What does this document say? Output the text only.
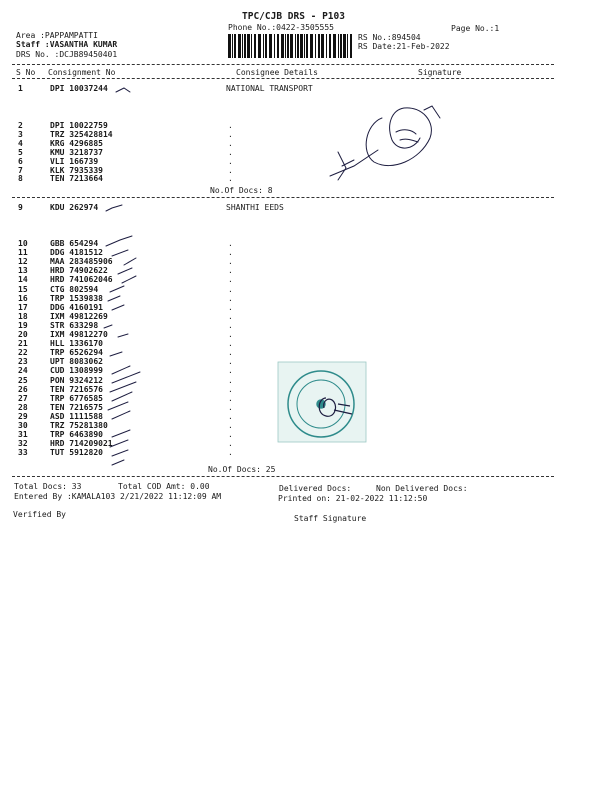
TPC/CJB DRS - P103
Phone No.:0422-3505555	Page No.:1
Area :PAPPAMPATTI
Staff :VASANTHA KUMAR
DRS No. :DCJB89450401
RS No.:894504
RS Date:21-Feb-2022
S No Consignment No	Consignee Details	Signature
1	DPI 10037244	NATIONAL TRANSPORT
2	DPI 10022759	.
3	TRZ 325428814	.
4	KRG 4296885	.
5	KMU 3218737	.
6	VLI 166739	.
7	KLK 7935339	.
8	TEN 7213664	.
No.Of Docs: 8
9	KDU 262974	SHANTHI EEDS
10	GBB 654294	.
11	DDG 4181512	.
12	MAA 283485906	.
13	HRD 74902622	.
14	HRD 741062046	.
15	CTG 802594	.
16	TRP 1539838	.
17	DDG 4160191	.
18	IXM 49812269	.
19	STR 633298	.
20	IXM 49812270	.
21	HLL 1336170	.
22	TRP 6526294	.
23	UPT 8083062	.
24	CUD 1308999	.
25	PON 9324212	.
26	TEN 7216576	.
27	TRP 6776585	.
28	TEN 7216575	.
29	ASD 1111588	.
30	TRZ 75281380	.
31	TRP 6463890	.
32	HRD 714209021	.
33	TUT 5912820	.
No.Of Docs: 25
Total Docs: 33	Total COD Amt: 0.00	Delivered Docs:	Non Delivered Docs:
Entered By :KAMALA103 2/21/2022 11:12:09 AM	Printed on: 21-02-2022 11:12:50
Verified By	Staff Signature
